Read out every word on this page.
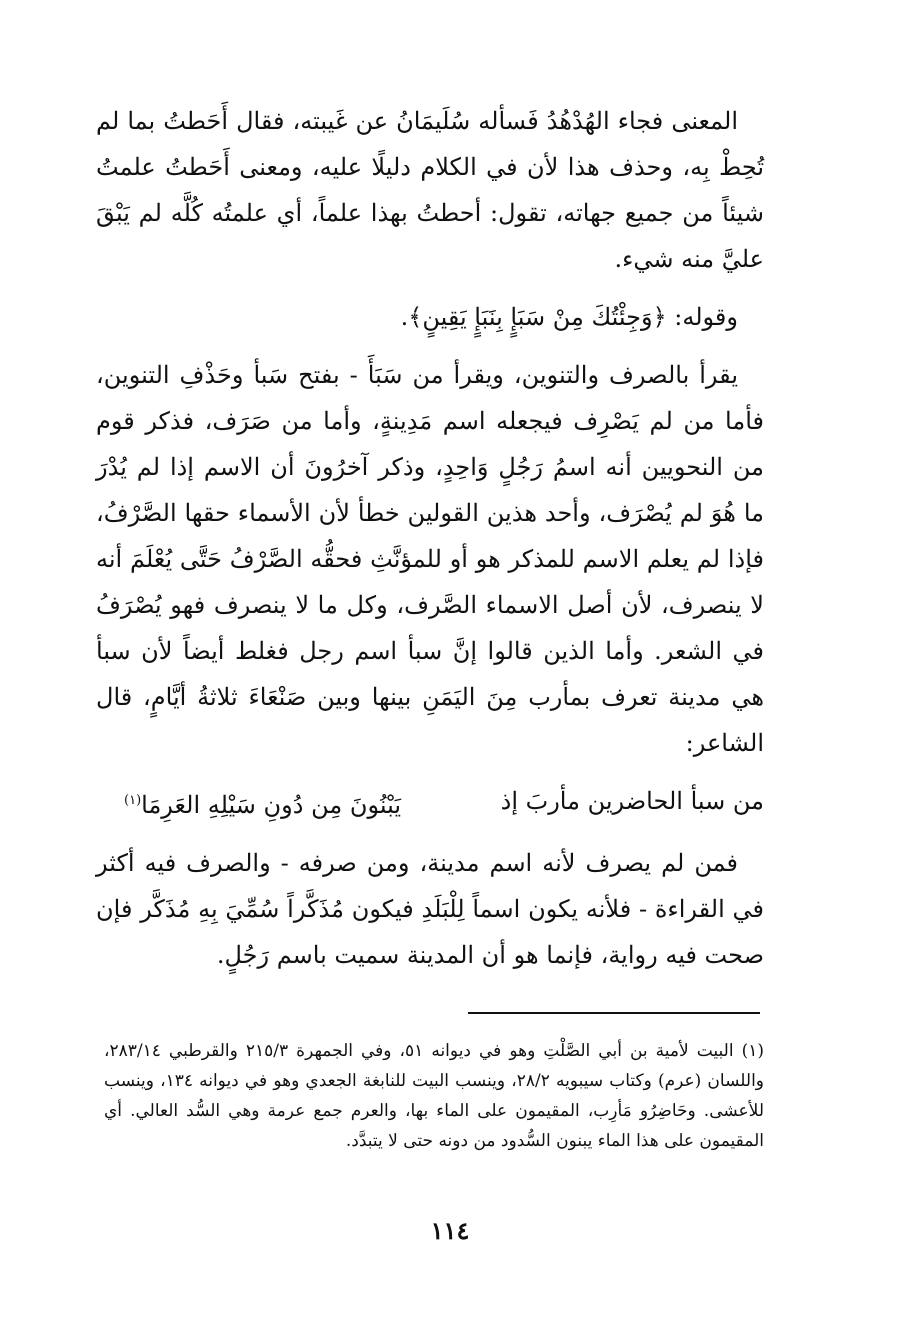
المعنى فجاء الهُدْهُدُ فَسأله سُلَيمَانُ عن غَيبته، فقال أَحَطتُ بما لم تُحِطْ بِه، وحذف هذا لأن في الكلام دليلًا عليه، ومعنى أَحَطتُ علمتُ شيئاً من جميع جهاته، تقول: أحطتُ بهذا علماً، أي علمتُه كُلَّه لم يَبْقَ عليَّ منه شيء.

وقوله: ﴿وَجِئْتُكَ مِنْ سَبَإٍ بِنَبَإٍ يَقِينٍ﴾.

يقرأ بالصرف والتنوين، ويقرأ من سَبَأَ - بفتح سَبأ وحَذْفِ التنوين، فأما من لم يَصْرِف فيجعله اسم مَدِينةٍ، وأما من صَرَف، فذكر قوم من النحويين أنه اسمُ رَجُلٍ وَاحِدٍ، وذكر آخرُونَ أن الاسم إذا لم يُدْرَ ما هُوَ لم يُصْرَف، وأحد هذين القولين خطأ لأن الأسماء حقها الصَّرْفُ، فإذا لم يعلم الاسم للمذكر هو أو للمؤنَّثِ فحقُّه الصَّرْفُ حَتَّى يُعْلَمَ أنه لا ينصرف، لأن أصل الاسماء الصَّرف، وكل ما لا ينصرف فهو يُصْرَفُ في الشعر. وأما الذين قالوا إنَّ سبأ اسم رجل فغلط أيضاً لأن سبأ هي مدينة تعرف بمأرب مِنَ اليَمَنِ بينها وبين صَنْعَاءَ ثلاثةُ أيَّامٍ، قال الشاعر:

من سبأ الحاضرين مأربَ إذ
يَبْنُونَ مِن دُونِ سَيْلِهِ العَرِمَا$^{(١)}$

فمن لم يصرف لأنه اسم مدينة، ومن صرفه - والصرف فيه أكثر في القراءة - فلأنه يكون اسماً لِلْبَلَدِ فيكون مُذَكَّراً سُمِّيَ بِهِ مُذَكَّر فإن صحت فيه رواية، فإنما هو أن المدينة سميت باسم رَجُلٍ.

(١) البيت لأمية بن أبي الصَّلْتِ وهو في ديوانه ٥١، وفي الجمهرة ٢١٥/٣ والقرطبي ٢٨٣/١٤، واللسان (عرم) وكتاب سيبويه ٢٨/٢، وينسب البيت للنابغة الجعدي وهو في ديوانه ١٣٤، وينسب للأعشى. وحَاضِرُو مَأرِب، المقيمون على الماء بها، والعرم جمع عرمة وهي السُّد العالي. أي المقيمون على هذا الماء يبنون السُّدود من دونه حتى لا يتبدَّد.
١١٤
